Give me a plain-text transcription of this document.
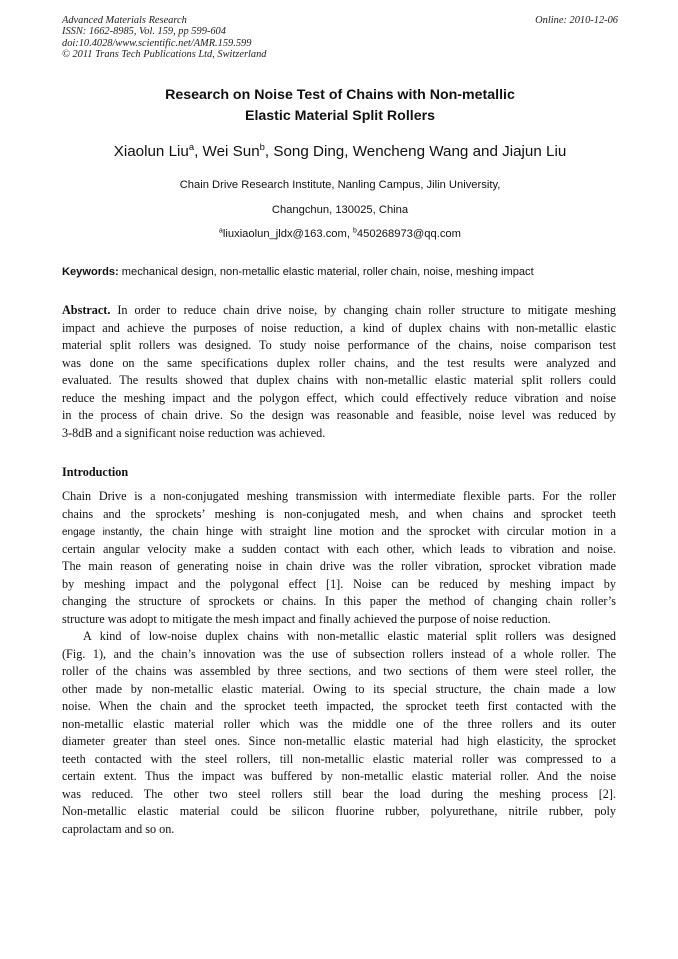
Advanced Materials Research
ISSN: 1662-8985, Vol. 159, pp 599-604
doi:10.4028/www.scientific.net/AMR.159.599
© 2011 Trans Tech Publications Ltd, Switzerland
Online: 2010-12-06
Research on Noise Test of Chains with Non-metallic
Elastic Material Split Rollers
Xiaolun Liu$^a$, Wei Sun$^b$, Song Ding, Wencheng Wang and Jiajun Liu
Chain Drive Research Institute, Nanling Campus, Jilin University,
Changchun, 130025, China
$^a$liuxiaolun_jldx@163.com, $^b$450268973@qq.com
Keywords: mechanical design, non-metallic elastic material, roller chain, noise, meshing impact
Abstract. In order to reduce chain drive noise, by changing chain roller structure to mitigate meshing
impact and achieve the purposes of noise reduction, a kind of duplex chains with non-metallic elastic
material split rollers was designed. To study noise performance of the chains, noise comparison test
was done on the same specifications duplex roller chains, and the test results were analyzed and
evaluated. The results showed that duplex chains with non-metallic elastic material split rollers could
reduce the meshing impact and the polygon effect, which could effectively reduce vibration and noise
in the process of chain drive. So the design was reasonable and feasible, noise level was reduced by
3-8dB and a significant noise reduction was achieved.
Introduction
Chain Drive is a non-conjugated meshing transmission with intermediate flexible parts. For the roller
chains and the sprockets’ meshing is non-conjugated mesh, and when chains and sprocket teeth
engage instantly, the chain hinge with straight line motion and the sprocket with circular motion in a
certain angular velocity make a sudden contact with each other, which leads to vibration and noise.
The main reason of generating noise in chain drive was the roller vibration, sprocket vibration made
by meshing impact and the polygonal effect [1]. Noise can be reduced by meshing impact by
changing the structure of sprockets or chains. In this paper the method of changing chain roller’s
structure was adopt to mitigate the mesh impact and finally achieved the purpose of noise reduction.
A kind of low-noise duplex chains with non-metallic elastic material split rollers was designed
(Fig. 1), and the chain’s innovation was the use of subsection rollers instead of a whole roller. The
roller of the chains was assembled by three sections, and two sections of them were steel roller, the
other made by non-metallic elastic material. Owing to its special structure, the chain made a low
noise. When the chain and the sprocket teeth impacted, the sprocket teeth first contacted with the
non-metallic elastic material roller which was the middle one of the three rollers and its outer
diameter greater than steel ones. Since non-metallic elastic material had high elasticity, the sprocket
teeth contacted with the steel rollers, till non-metallic elastic material roller was compressed to a
certain extent. Thus the impact was buffered by non-metallic elastic material roller. And the noise
was reduced. The other two steel rollers still bear the load during the meshing process [2].
Non-metallic elastic material could be silicon fluorine rubber, polyurethane, nitrile rubber, poly
caprolactam and so on.
